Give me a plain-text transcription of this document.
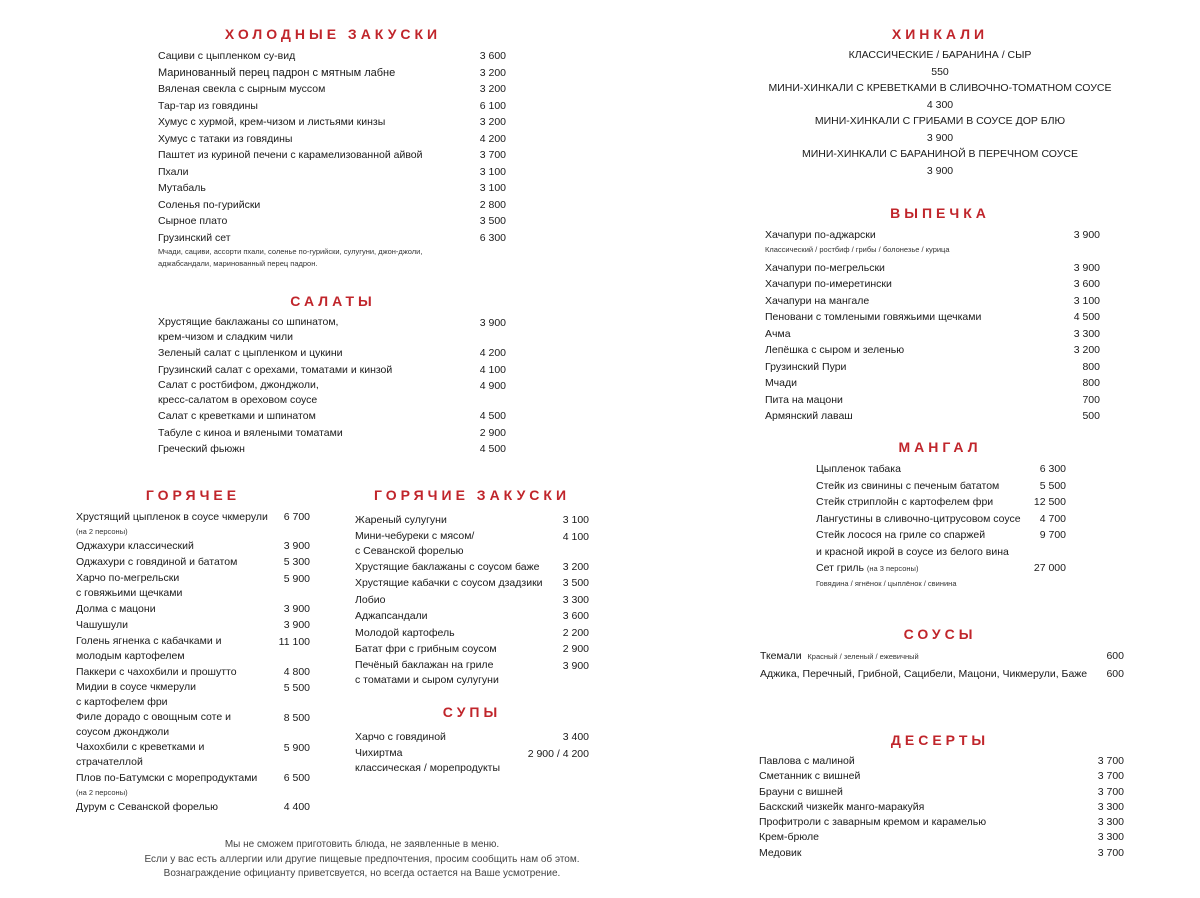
ХОЛОДНЫЕ ЗАКУСКИ
Сациви с цыпленком су-вид	3 600
Маринованный перец падрон с мятным лабне	3 200
Вяленая свекла с сырным муссом	3 200
Тар-тар из говядины	6 100
Хумус с хурмой, крем-чизом и листьями кинзы	3 200
Хумус с татаки из говядины	4 200
Паштет из куриной печени с карамелизованной айвой	3 700
Пхали	3 100
Мутабаль	3 100
Соленья по-гурийски	2 800
Сырное плато	3 500
Грузинский сет	6 300
Мчади, сациви, ассорти пхали, соленье по-гурийски, сулугуни, джон-джоли,
аджабсандали, маринованный перец падрон.
САЛАТЫ
Хрустящие баклажаны со шпинатом,
крем-чизом и сладким чили
3 900
Зеленый салат с цыпленком и цукини	4 200
Грузинский салат с орехами, томатами и кинзой	4 100
Салат с ростбифом, джонджоли,
кресс-салатом в ореховом соусе
4 900
Салат с креветками и шпинатом	4 500
Табуле с киноа и вялеными томатами	2 900
Греческий фьюжн	4 500
ГОРЯЧЕЕ
Хрустящий цыпленок в соусе чкмерули
(на 2 персоны)
6 700
Оджахури классический	3 900
Оджахури с говядиной и бататом	5 300
Харчо по-мегрельски
с говяжьими щечками
5 900
Долма с мацони	3 900
Чашушули	3 900
Голень ягненка с кабачками и
молодым картофелем
11 100
Паккери с чахохбили и прошутто	4 800
Мидии в соусе чкмерули
с картофелем фри
5 500
Филе дорадо с овощным соте и
соусом джонджоли
8 500
Чахохбили с креветками и
страчателлой
5 900
Плов по-Батумски с морепродуктами
(на 2 персоны)
6 500
Дурум с Севанской форелью	4 400
ГОРЯЧИЕ ЗАКУСКИ
Жареный сулугуни	3 100
Мини-чебуреки с мясом/
с Севанской форелью
4 100
Хрустящие баклажаны с соусом баже	3 200
Хрустящие кабачки с соусом дзадзики	3 500
Лобио	3 300
Аджапсандали	3 600
Молодой картофель	2 200
Батат фри с грибным соусом	2 900
Печёный баклажан на гриле
с томатами и сыром сулугуни
3 900
СУПЫ
Харчо с говядиной	3 400
Чихиртма
классическая / морепродукты
2 900 / 4 200
Мы не сможем приготовить блюда, не заявленные в меню.
Если у вас есть аллергии или другие пищевые предпочтения, просим сообщить нам об этом.
Вознаграждение официанту приветсвуется, но всегда остается на Ваше усмотрение.
ХИНКАЛИ
КЛАССИЧЕСКИЕ / БАРАНИНА / СЫР
550
МИНИ-ХИНКАЛИ С КРЕВЕТКАМИ В СЛИВОЧНО-ТОМАТНОМ СОУСЕ
4 300
МИНИ-ХИНКАЛИ С ГРИБАМИ В СОУСЕ ДОР БЛЮ
3 900
МИНИ-ХИНКАЛИ С БАРАНИНОЙ В ПЕРЕЧНОМ СОУСЕ
3 900
ВЫПЕЧКА
Хачапури по-аджарски
Классический / ростбиф / грибы / болонезье / курица
3 900
Хачапури по-мегрельски	3 900
Хачапури по-имеретински	3 600
Хачапури на мангале	3 100
Пеновани с томлеными говяжьими щечками	4 500
Ачма	3 300
Лепёшка с сыром и зеленью	3 200
Грузинский Пури	800
Мчади	800
Пита на мацони	700
Армянский лаваш	500
МАНГАЛ
Цыпленок табака	6 300
Стейк из свинины с печеным бататом	5 500
Стейк стриплойн с картофелем фри	12 500
Лангустины в сливочно-цитрусовом соусе	4 700
Стейк лосося на гриле со спаржей
и красной икрой в соусе из белого вина
9 700
Сет гриль (на 3 персоны)
Говядина / ягнёнок / цыплёнок / свинина
27 000
СОУСЫ
Ткемали Красный / зеленый / ежевичный	600
Аджика, Перечный, Грибной, Сацибели, Мацони, Чикмерули, Баже	600
ДЕСЕРТЫ
Павлова с малиной	3 700
Сметанник с вишней	3 700
Брауни с вишней	3 700
Баскский чизкейк манго-маракуйя	3 300
Профитроли с заварным кремом и карамелью	3 300
Крем-брюле	3 300
Медовик	3 700
